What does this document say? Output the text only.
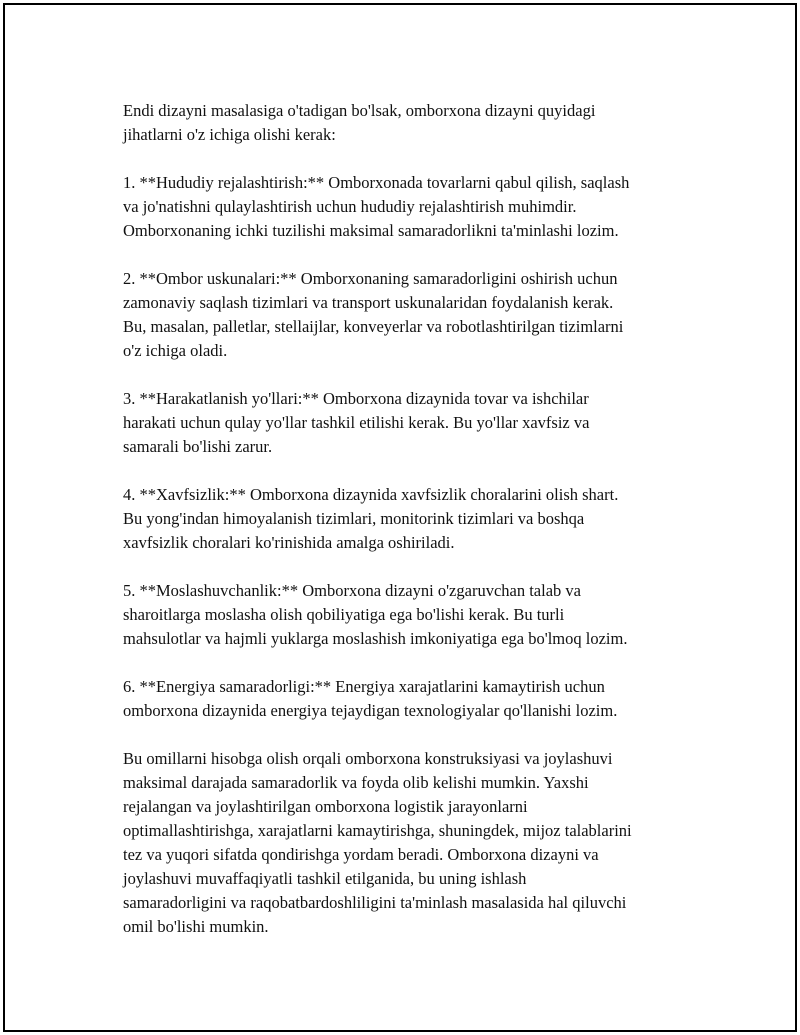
Endi dizayni masalasiga o'tadigan bo'lsak, omborxona dizayni quyidagi
jihatlarni o'z ichiga olishi kerak:

1. **Hududiy rejalashtirish:** Omborxonada tovarlarni qabul qilish, saqlash
va jo'natishni qulaylashtirish uchun hududiy rejalashtirish muhimdir.
Omborxonaning ichki tuzilishi maksimal samaradorlikni ta'minlashi lozim.

2. **Ombor uskunalari:** Omborxonaning samaradorligini oshirish uchun
zamonaviy saqlash tizimlari va transport uskunalaridan foydalanish kerak.
Bu, masalan, palletlar, stellaijlar, konveyerlar va robotlashtirilgan tizimlarni
o'z ichiga oladi.

3. **Harakatlanish yo'llari:** Omborxona dizaynida tovar va ishchilar
harakati uchun qulay yo'llar tashkil etilishi kerak. Bu yo'llar xavfsiz va
samarali bo'lishi zarur.

4. **Xavfsizlik:** Omborxona dizaynida xavfsizlik choralarini olish shart.
Bu yong'indan himoyalanish tizimlari, monitorink tizimlari va boshqa
xavfsizlik choralari ko'rinishida amalga oshiriladi.

5. **Moslashuvchanlik:** Omborxona dizayni o'zgaruvchan talab va
sharoitlarga moslasha olish qobiliyatiga ega bo'lishi kerak. Bu turli
mahsulotlar va hajmli yuklarga moslashish imkoniyatiga ega bo'lmoq lozim.

6. **Energiya samaradorligi:** Energiya xarajatlarini kamaytirish uchun
omborxona dizaynida energiya tejaydigan texnologiyalar qo'llanishi lozim.

Bu omillarni hisobga olish orqali omborxona konstruksiyasi va joylashuvi
maksimal darajada samaradorlik va foyda olib kelishi mumkin. Yaxshi
rejalangan va joylashtirilgan omborxona logistik jarayonlarni
optimallashtirishga, xarajatlarni kamaytirishga, shuningdek, mijoz talablarini
tez va yuqori sifatda qondirishga yordam beradi. Omborxona dizayni va
joylashuvi muvaffaqiyatli tashkil etilganida, bu uning ishlash
samaradorligini va raqobatbardoshliligini ta'minlash masalasida hal qiluvchi
omil bo'lishi mumkin.
